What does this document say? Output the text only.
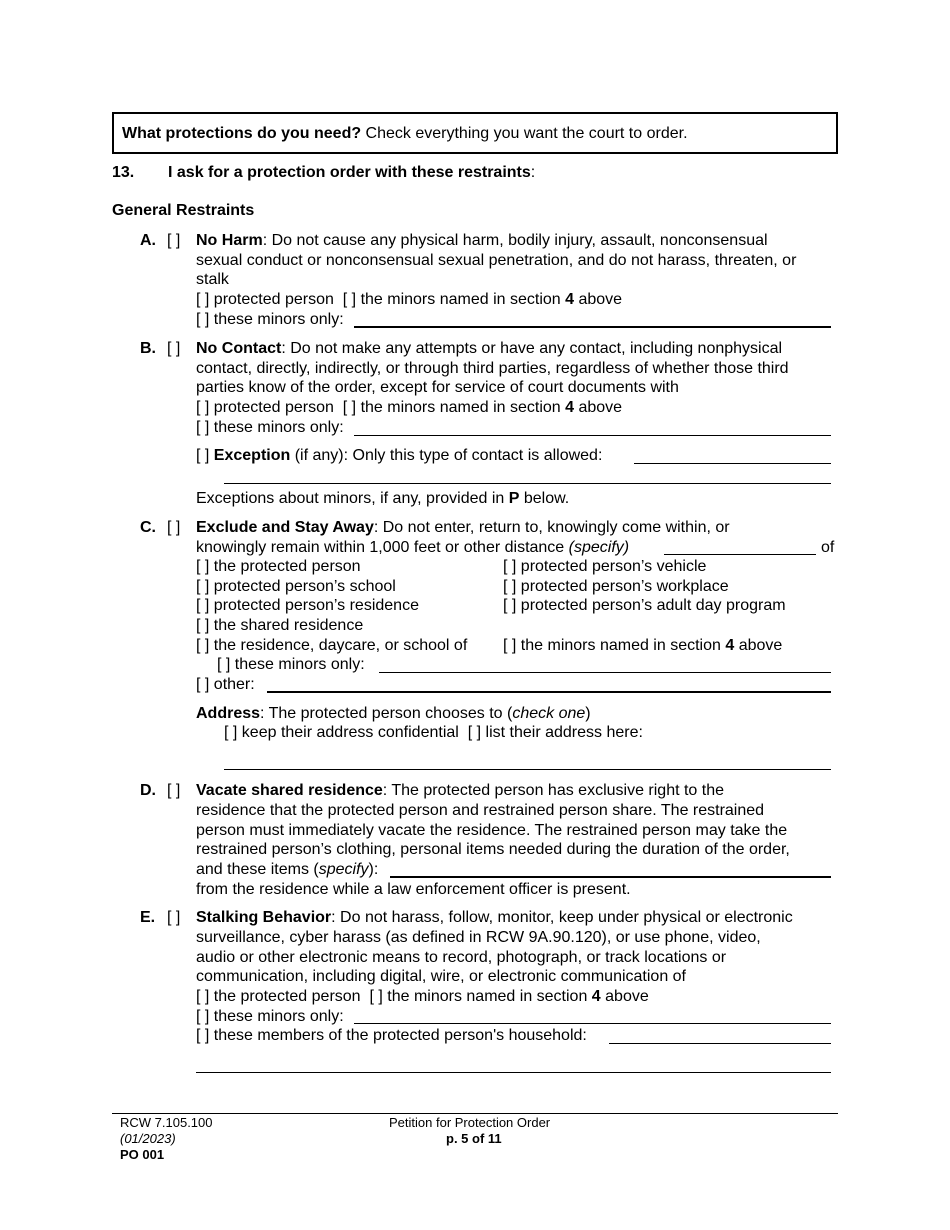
What protections do you need? Check everything you want the court to order.
13. I ask for a protection order with these restraints:
General Restraints
A. [ ] No Harm: Do not cause any physical harm, bodily injury, assault, nonconsensual
sexual conduct or nonconsensual sexual penetration, and do not harass, threaten, or
stalk
[ ] protected person [ ] the minors named in section 4 above
[ ] these minors only:
B. [ ] No Contact: Do not make any attempts or have any contact, including nonphysical
contact, directly, indirectly, or through third parties, regardless of whether those third
parties know of the order, except for service of court documents with
[ ] protected person [ ] the minors named in section 4 above
[ ] these minors only:
[ ] Exception (if any): Only this type of contact is allowed:
Exceptions about minors, if any, provided in P below.
C. [ ] Exclude and Stay Away: Do not enter, return to, knowingly come within, or
knowingly remain within 1,000 feet or other distance (specify)	of
[ ] the protected person	[ ] protected person’s vehicle
[ ] protected person’s school	[ ] protected person’s workplace
[ ] protected person’s residence	[ ] protected person’s adult day program
[ ] the shared residence
[ ] the residence, daycare, or school of [ ] the minors named in section 4 above
[ ] these minors only:
[ ] other:
Address: The protected person chooses to (check one)
[ ] keep their address confidential [ ] list their address here:
D. [ ] Vacate shared residence: The protected person has exclusive right to the
residence that the protected person and restrained person share. The restrained
person must immediately vacate the residence. The restrained person may take the
restrained person’s clothing, personal items needed during the duration of the order,
and these items (specify):
from the residence while a law enforcement officer is present.
E. [ ] Stalking Behavior: Do not harass, follow, monitor, keep under physical or electronic
surveillance, cyber harass (as defined in RCW 9A.90.120), or use phone, video,
audio or other electronic means to record, photograph, or track locations or
communication, including digital, wire, or electronic communication of
[ ] the protected person [ ] the minors named in section 4 above
[ ] these minors only:
[ ] these members of the protected person's household:
RCW 7.105.100
(01/2023)
PO 001
Petition for Protection Order
p. 5 of 11
